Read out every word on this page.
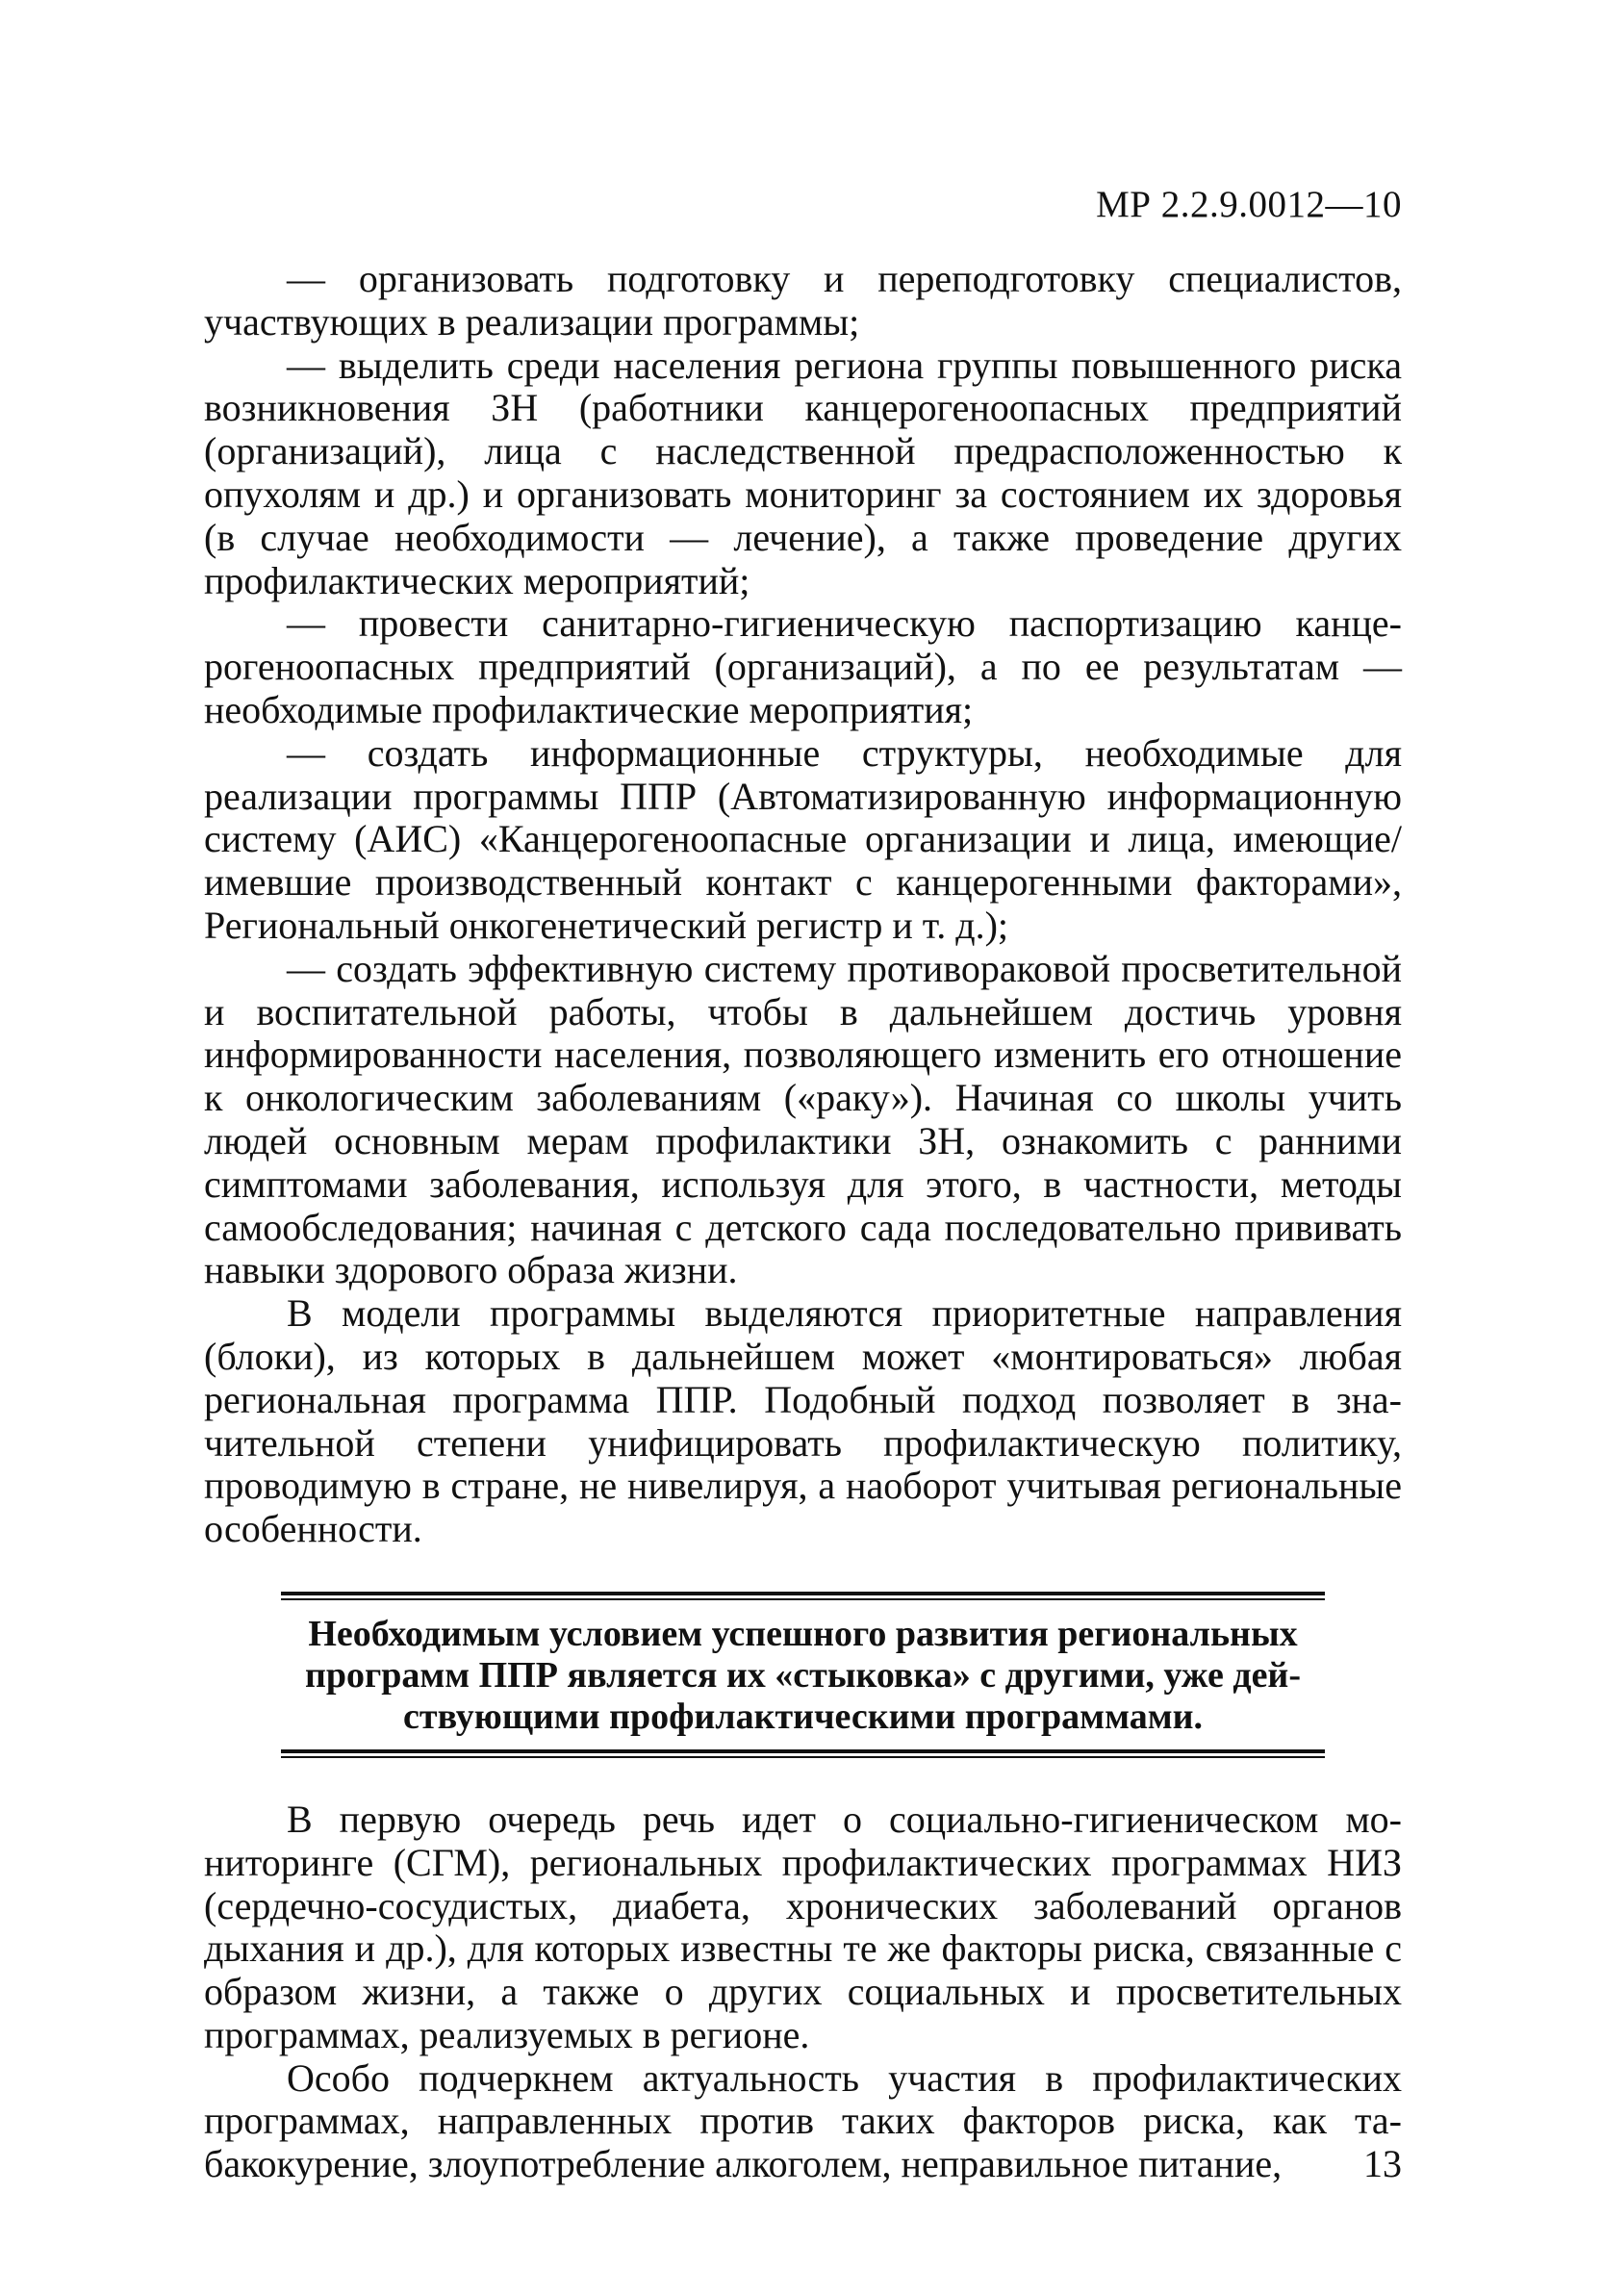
МР 2.2.9.0012—10

— организовать подготовку и переподготовку специалистов, участвующих в реализации программы;

— выделить среди населения региона группы повышенного риска возникновения ЗН (работники канцерогеноопасных предприятий (организаций), лица с наследственной предрасположенностью к опухолям и др.) и организовать мониторинг за состоянием их здоровья (в случае необходимости — лечение), а также проведение других профилактических мероприятий;

— провести санитарно-гигиеническую паспортизацию канцерогеноопасных предприятий (организаций), а по ее результатам — необходимые профилактические мероприятия;

— создать информационные структуры, необходимые для реализации программы ППР (Автоматизированную информационную систему (АИС) «Канцерогеноопасные организации и лица, имеющие/имевшие производственный контакт с канцерогенными факторами», Региональный онкогенетический регистр и т. д.);

— создать эффективную систему противораковой просветительной и воспитательной работы, чтобы в дальнейшем достичь уровня информированности населения, позволяющего изменить его отношение к онкологическим заболеваниям («раку»). Начиная со школы учить людей основным мерам профилактики ЗН, ознакомить с ранними симптомами заболевания, используя для этого, в частности, методы самообследования; начиная с детского сада последовательно прививать навыки здорового образа жизни.

В модели программы выделяются приоритетные направления (блоки), из которых в дальнейшем может «монтироваться» любая региональная программа ППР. Подобный подход позволяет в значительной степени унифицировать профилактическую политику, проводимую в стране, не нивелируя, а наоборот учитывая региональные особенности.

Необходимым условием успешного развития региональных программ ППР является их «стыковка» с другими, уже действующими профилактическими программами.

В первую очередь речь идет о социально-гигиеническом мониторинге (СГМ), региональных профилактических программах НИЗ (сердечно-сосудистых, диабета, хронических заболеваний органов дыхания и др.), для которых известны те же факторы риска, связанные с образом жизни, а также о других социальных и просветительных программах, реализуемых в регионе.

Особо подчеркнем актуальность участия в профилактических программах, направленных против таких факторов риска, как табакокурение, злоупотребление алкоголем, неправильное питание,	13
